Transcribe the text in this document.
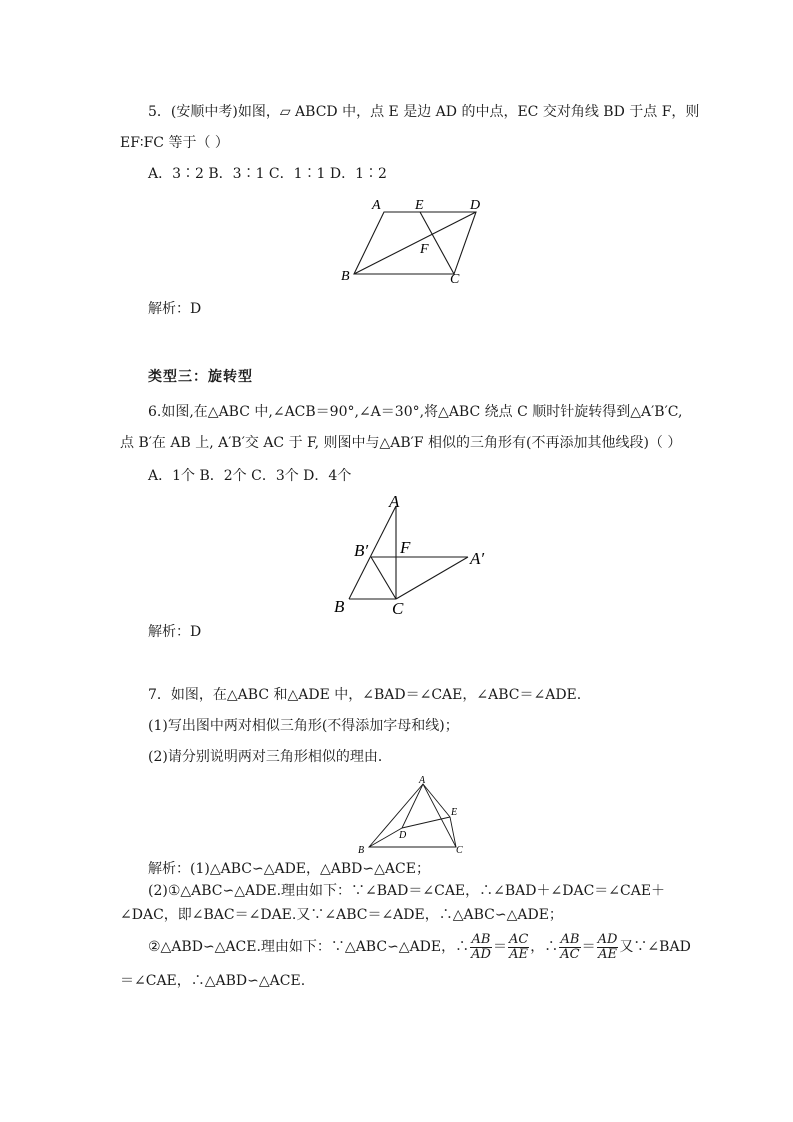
5．(安顺中考)如图，▱ ABCD 中，点 E 是边 AD 的中点，EC 交对角线 BD 于点 F，则
EF∶FC 等于（ ）
A．3∶2 B．3∶1 C．1∶1 D．1∶2
A E	D
F
B	C
解析：D
类型三：旋转型
6.如图,在△ABC 中,∠ACB＝90°,∠A＝30°,将△ABC 绕点 C 顺时针旋转得到△A′B′C,
点 B′在 AB 上, A′B′交 AC 于 F, 则图中与△AB′F 相似的三角形有(不再添加其他线段)（ ）
A．1个 B．2个 C．3个 D．4个
A
B′ F
A′
B	C
解析：D
7．如图，在△ABC 和△ADE 中，∠BAD＝∠CAE，∠ABC＝∠ADE.
(1)写出图中两对相似三角形(不得添加字母和线)；
(2)请分别说明两对三角形相似的理由．
A
E
D
B	C
解析：(1)△ABC∽△ADE，△ABD∽△ACE；
(2)①△ABC∽△ADE.理由如下：∵∠BAD＝∠CAE，∴∠BAD＋∠DAC＝∠CAE＋
∠DAC，即∠BAC＝∠DAE.又∵∠ABC＝∠ADE，∴△ABC∽△ADE；
②△ABD∽△ACE.理由如下：∵△ABC∽△ADE，∴ $\frac{AB}{AD} = \frac{AC}{AE}$ ，∴ $\frac{AB}{AC} = \frac{AD}{AE}$ 又∵∠BAD
＝∠CAE，∴△ABD∽△ACE.
